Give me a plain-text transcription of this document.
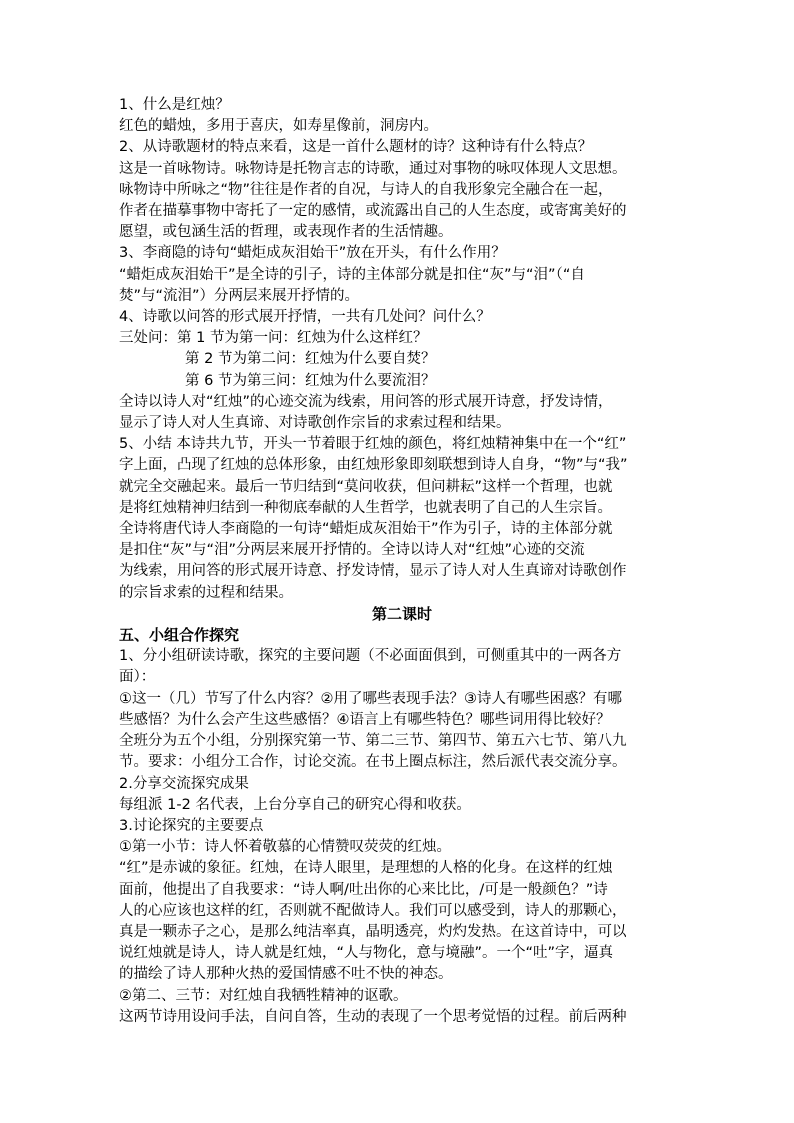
1、什么是红烛？
红色的蜡烛，多用于喜庆，如寿星像前，洞房内。
2、从诗歌题材的特点来看，这是一首什么题材的诗？这种诗有什么特点？
这是一首咏物诗。咏物诗是托物言志的诗歌，通过对事物的咏叹体现人文思想。
咏物诗中所咏之“物”往往是作者的自况，与诗人的自我形象完全融合在一起，
作者在描摹事物中寄托了一定的感情，或流露出自己的人生态度，或寄寓美好的
愿望，或包涵生活的哲理，或表现作者的生活情趣。
3、李商隐的诗句“蜡炬成灰泪始干”放在开头，有什么作用？
“蜡炬成灰泪始干”是全诗的引子，诗的主体部分就是扣住“灰”与“泪”（“自
焚”与“流泪”）分两层来展开抒情的。
4、诗歌以问答的形式展开抒情，一共有几处问？问什么？
三处问：第 1 节为第一问：红烛为什么这样红？
第 2 节为第二问：红烛为什么要自焚？
第 6 节为第三问：红烛为什么要流泪？
全诗以诗人对“红烛”的心迹交流为线索，用问答的形式展开诗意，抒发诗情，
显示了诗人对人生真谛、对诗歌创作宗旨的求索过程和结果。
5、小结 本诗共九节，开头一节着眼于红烛的颜色，将红烛精神集中在一个“红”
字上面，凸现了红烛的总体形象，由红烛形象即刻联想到诗人自身，“物”与“我”
就完全交融起来。最后一节归结到“莫问收获，但问耕耘”这样一个哲理，也就
是将红烛精神归结到一种彻底奉献的人生哲学，也就表明了自己的人生宗旨。
全诗将唐代诗人李商隐的一句诗“蜡炬成灰泪始干”作为引子，诗的主体部分就
是扣住“灰”与“泪”分两层来展开抒情的。全诗以诗人对“红烛”心迹的交流
为线索，用问答的形式展开诗意、抒发诗情，显示了诗人对人生真谛对诗歌创作
的宗旨求索的过程和结果。
第二课时
五、小组合作探究
1、分小组研读诗歌，探究的主要问题（不必面面俱到，可侧重其中的一两各方
面）：
①这一（几）节写了什么内容？②用了哪些表现手法？③诗人有哪些困惑？有哪
些感悟？为什么会产生这些感悟？④语言上有哪些特色？哪些词用得比较好？
全班分为五个小组，分别探究第一节、第二三节、第四节、第五六七节、第八九
节。要求：小组分工合作，讨论交流。在书上圈点标注，然后派代表交流分享。
2.分享交流探究成果
每组派 1-2 名代表，上台分享自己的研究心得和收获。
3.讨论探究的主要要点
①第一小节：诗人怀着敬慕的心情赞叹荧荧的红烛。
“红”是赤诚的象征。红烛，在诗人眼里，是理想的人格的化身。在这样的红烛
面前，他提出了自我要求：“诗人啊/吐出你的心来比比，/可是一般颜色？”诗
人的心应该也这样的红，否则就不配做诗人。我们可以感受到，诗人的那颗心，
真是一颗赤子之心，是那么纯洁率真，晶明透亮，灼灼发热。在这首诗中，可以
说红烛就是诗人，诗人就是红烛，“人与物化，意与境融”。一个“吐”字，逼真
的描绘了诗人那种火热的爱国情感不吐不快的神态。
②第二、三节：对红烛自我牺牲精神的讴歌。
这两节诗用设问手法，自问自答，生动的表现了一个思考觉悟的过程。前后两种
